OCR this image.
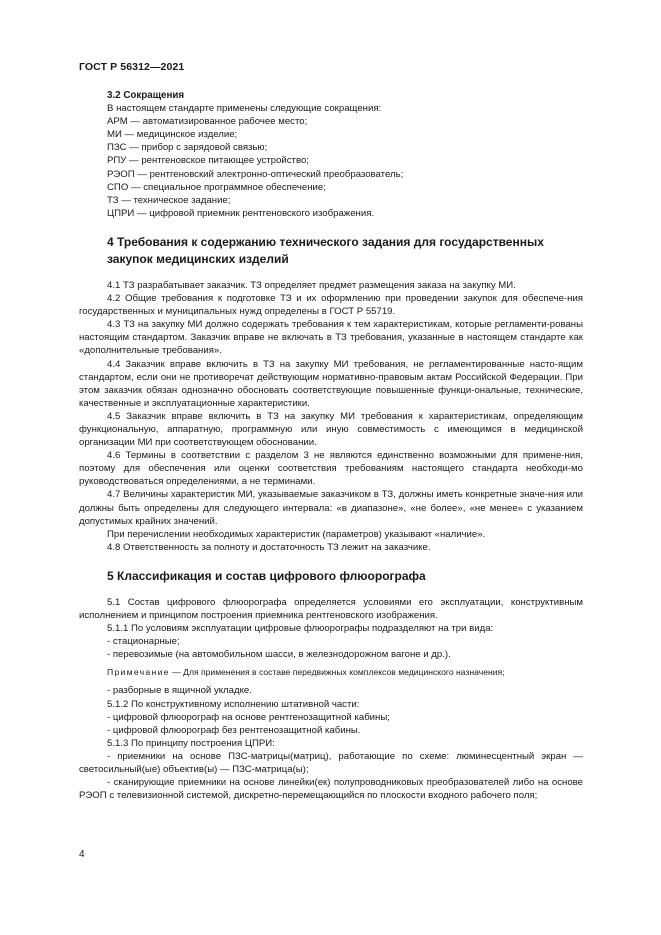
ГОСТ Р 56312—2021

3.2 Сокращения

В настоящем стандарте применены следующие сокращения:

АРМ — автоматизированное рабочее место;

МИ — медицинское изделие;

ПЗС — прибор с зарядовой связью;

РПУ — рентгеновское питающее устройство;

РЭОП — рентгеновский электронно-оптический преобразователь;

СПО — специальное программное обеспечение;

ТЗ — техническое задание;

ЦПРИ — цифровой приемник рентгеновского изображения.

4 Требования к содержанию технического задания для государственных

закупок медицинских изделий

4.1 ТЗ разрабатывает заказчик. ТЗ определяет предмет размещения заказа на закупку МИ.

4.2 Общие требования к подготовке ТЗ и их оформлению при проведении закупок для обеспече-ния государственных и муниципальных нужд определены в ГОСТ Р 55719.

4.3 ТЗ на закупку МИ должно содержать требования к тем характеристикам, которые регламенти-рованы настоящим стандартом. Заказчик вправе не включать в ТЗ требования, указанные в настоящем стандарте как «дополнительные требования».

4.4 Заказчик вправе включить в ТЗ на закупку МИ требования, не регламентированные насто-ящим стандартом, если они не противоречат действующим нормативно-правовым актам Российской Федерации. При этом заказчик обязан однозначно обосновать соответствующие повышенные функци-ональные, технические, качественные и эксплуатационные характеристики.

4.5 Заказчик вправе включить в ТЗ на закупку МИ требования к характеристикам, определяющим функциональную, аппаратную, программную или иную совместимость с имеющимся в медицинской организации МИ при соответствующем обосновании.

4.6 Термины в соответствии с разделом 3 не являются единственно возможными для примене-ния, поэтому для обеспечения или оценки соответствия требованиям настоящего стандарта необходи-мо руководствоваться определениями, а не терминами.

4.7 Величины характеристик МИ, указываемые заказчиком в ТЗ, должны иметь конкретные значе-ния или должны быть определены для следующего интервала: «в диапазоне», «не более», «не менее» с указанием допустимых крайних значений.

При перечислении необходимых характеристик (параметров) указывают «наличие».

4.8 Ответственность за полноту и достаточность ТЗ лежит на заказчике.

5 Классификация и состав цифрового флюорографа

5.1 Состав цифрового флюорографа определяется условиями его эксплуатации, конструктивным исполнением и принципом построения приемника рентгеновского изображения.

5.1.1 По условиям эксплуатации цифровые флюорографы подразделяют на три вида:

- стационарные;

- перевозимые (на автомобильном шасси, в железнодорожном вагоне и др.).

Примечание — Для применения в составе передвижных комплексов медицинского назначения;

- разборные в ящичной укладке.

5.1.2 По конструктивному исполнению штативной части:

- цифровой флюорограф на основе рентгенозащитной кабины;

- цифровой флюорограф без рентгенозащитной кабины.

5.1.3 По принципу построения ЦПРИ:

- приемники на основе ПЗС-матрицы(матриц), работающие по схеме: люминесцентный экран — светосильный(ые) объектив(ы) — ПЗС-матрица(ы);

- сканирующие приемники на основе линейки(ек) полупроводниковых преобразователей либо на основе РЭОП с телевизионной системой, дискретно-перемещающийся по плоскости входного рабочего поля;

4
